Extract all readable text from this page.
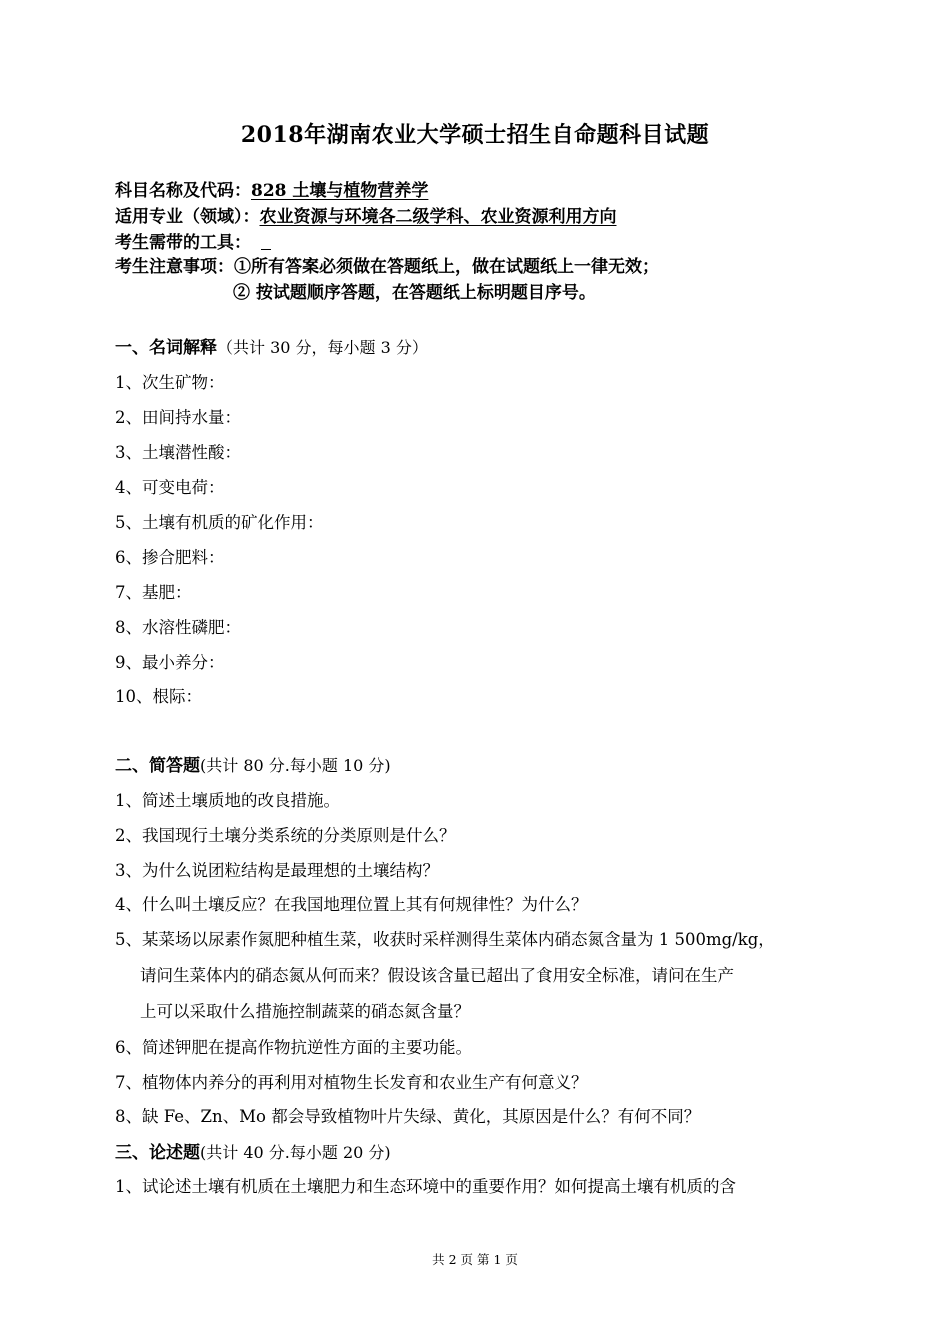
2018年湖南农业大学硕士招生自命题科目试题
科目名称及代码：828 土壤与植物营养学
适用专业（领域）：农业资源与环境各二级学科、农业资源利用方向
考生需带的工具：
考生注意事项：①所有答案必须做在答题纸上，做在试题纸上一律无效；
② 按试题顺序答题，在答题纸上标明题目序号。
一、名词解释（共计 30 分，每小题 3 分）
1、次生矿物：
2、田间持水量：
3、土壤潜性酸：
4、可变电荷：
5、土壤有机质的矿化作用：
6、掺合肥料：
7、基肥：
8、水溶性磷肥：
9、最小养分：
10、根际：
二、简答题(共计 80 分.每小题 10 分)
1、简述土壤质地的改良措施。
2、我国现行土壤分类系统的分类原则是什么？
3、为什么说团粒结构是最理想的土壤结构？
4、什么叫土壤反应？在我国地理位置上其有何规律性？为什么？
5、某菜场以尿素作氮肥种植生菜，收获时采样测得生菜体内硝态氮含量为 1 500mg/kg，
请问生菜体内的硝态氮从何而来？假设该含量已超出了食用安全标准，请问在生产
上可以采取什么措施控制蔬菜的硝态氮含量？
6、简述钾肥在提高作物抗逆性方面的主要功能。
7、植物体内养分的再利用对植物生长发育和农业生产有何意义？
8、缺 Fe、Zn、Mo 都会导致植物叶片失绿、黄化，其原因是什么？有何不同？
三、论述题(共计 40 分.每小题 20 分)
1、试论述土壤有机质在土壤肥力和生态环境中的重要作用？如何提高土壤有机质的含
共 2 页 第 1 页
